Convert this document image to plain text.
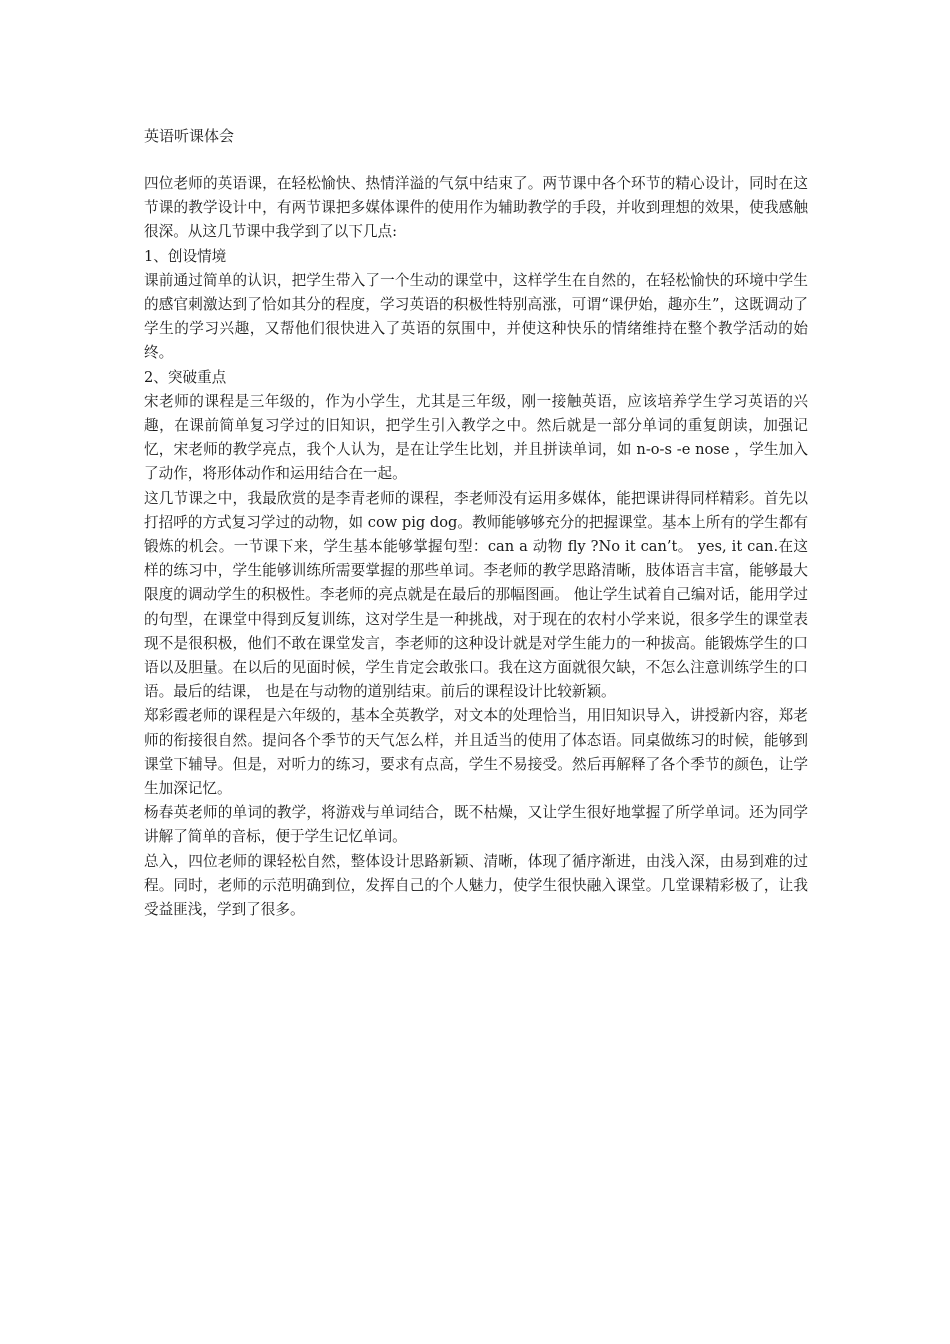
英语听课体会

四位老师的英语课，在轻松愉快、热情洋溢的气氛中结束了。两节课中各个环节的精心设计，同时在这节课的教学设计中，有两节课把多媒体课件的使用作为辅助教学的手段，并收到理想的效果，使我感触很深。从这几节课中我学到了以下几点:

1、创设情境

课前通过简单的认识，把学生带入了一个生动的课堂中，这样学生在自然的，在轻松愉快的环境中学生的感官刺激达到了恰如其分的程度，学习英语的积极性特别高涨，可谓“课伊始，趣亦生”，这既调动了学生的学习兴趣，又帮他们很快进入了英语的氛围中，并使这种快乐的情绪维持在整个教学活动的始终。

2、突破重点

宋老师的课程是三年级的，作为小学生，尤其是三年级，刚一接触英语，应该培养学生学习英语的兴趣，在课前简单复习学过的旧知识，把学生引入教学之中。然后就是一部分单词的重复朗读，加强记忆，宋老师的教学亮点，我个人认为，是在让学生比划，并且拼读单词，如 n-o-s -e nose ，学生加入了动作，将形体动作和运用结合在一起。

这几节课之中，我最欣赏的是李青老师的课程，李老师没有运用多媒体，能把课讲得同样精彩。首先以打招呼的方式复习学过的动物，如 cow pig dog。教师能够够充分的把握课堂。基本上所有的学生都有锻炼的机会。一节课下来，学生基本能够掌握句型：can a 动物 fly ?No it can’t。 yes, it can.在这样的练习中，学生能够训练所需要掌握的那些单词。李老师的教学思路清晰，肢体语言丰富，能够最大限度的调动学生的积极性。李老师的亮点就是在最后的那幅图画。 他让学生试着自己编对话，能用学过的句型，在课堂中得到反复训练，这对学生是一种挑战，对于现在的农村小学来说，很多学生的课堂表现不是很积极，他们不敢在课堂发言，李老师的这种设计就是对学生能力的一种拔高。能锻炼学生的口语以及胆量。在以后的见面时候，学生肯定会敢张口。我在这方面就很欠缺，不怎么注意训练学生的口语。最后的结课， 也是在与动物的道别结束。前后的课程设计比较新颖。

郑彩霞老师的课程是六年级的，基本全英教学，对文本的处理恰当，用旧知识导入，讲授新内容，郑老师的衔接很自然。提问各个季节的天气怎么样，并且适当的使用了体态语。同桌做练习的时候，能够到课堂下辅导。但是，对听力的练习，要求有点高，学生不易接受。然后再解释了各个季节的颜色，让学生加深记忆。

杨春英老师的单词的教学，将游戏与单词结合，既不枯燥，又让学生很好地掌握了所学单词。还为同学讲解了简单的音标，便于学生记忆单词。

总入，四位老师的课轻松自然，整体设计思路新颖、清晰，体现了循序渐进，由浅入深，由易到难的过程。同时，老师的示范明确到位，发挥自己的个人魅力，使学生很快融入课堂。几堂课精彩极了，让我受益匪浅，学到了很多。
